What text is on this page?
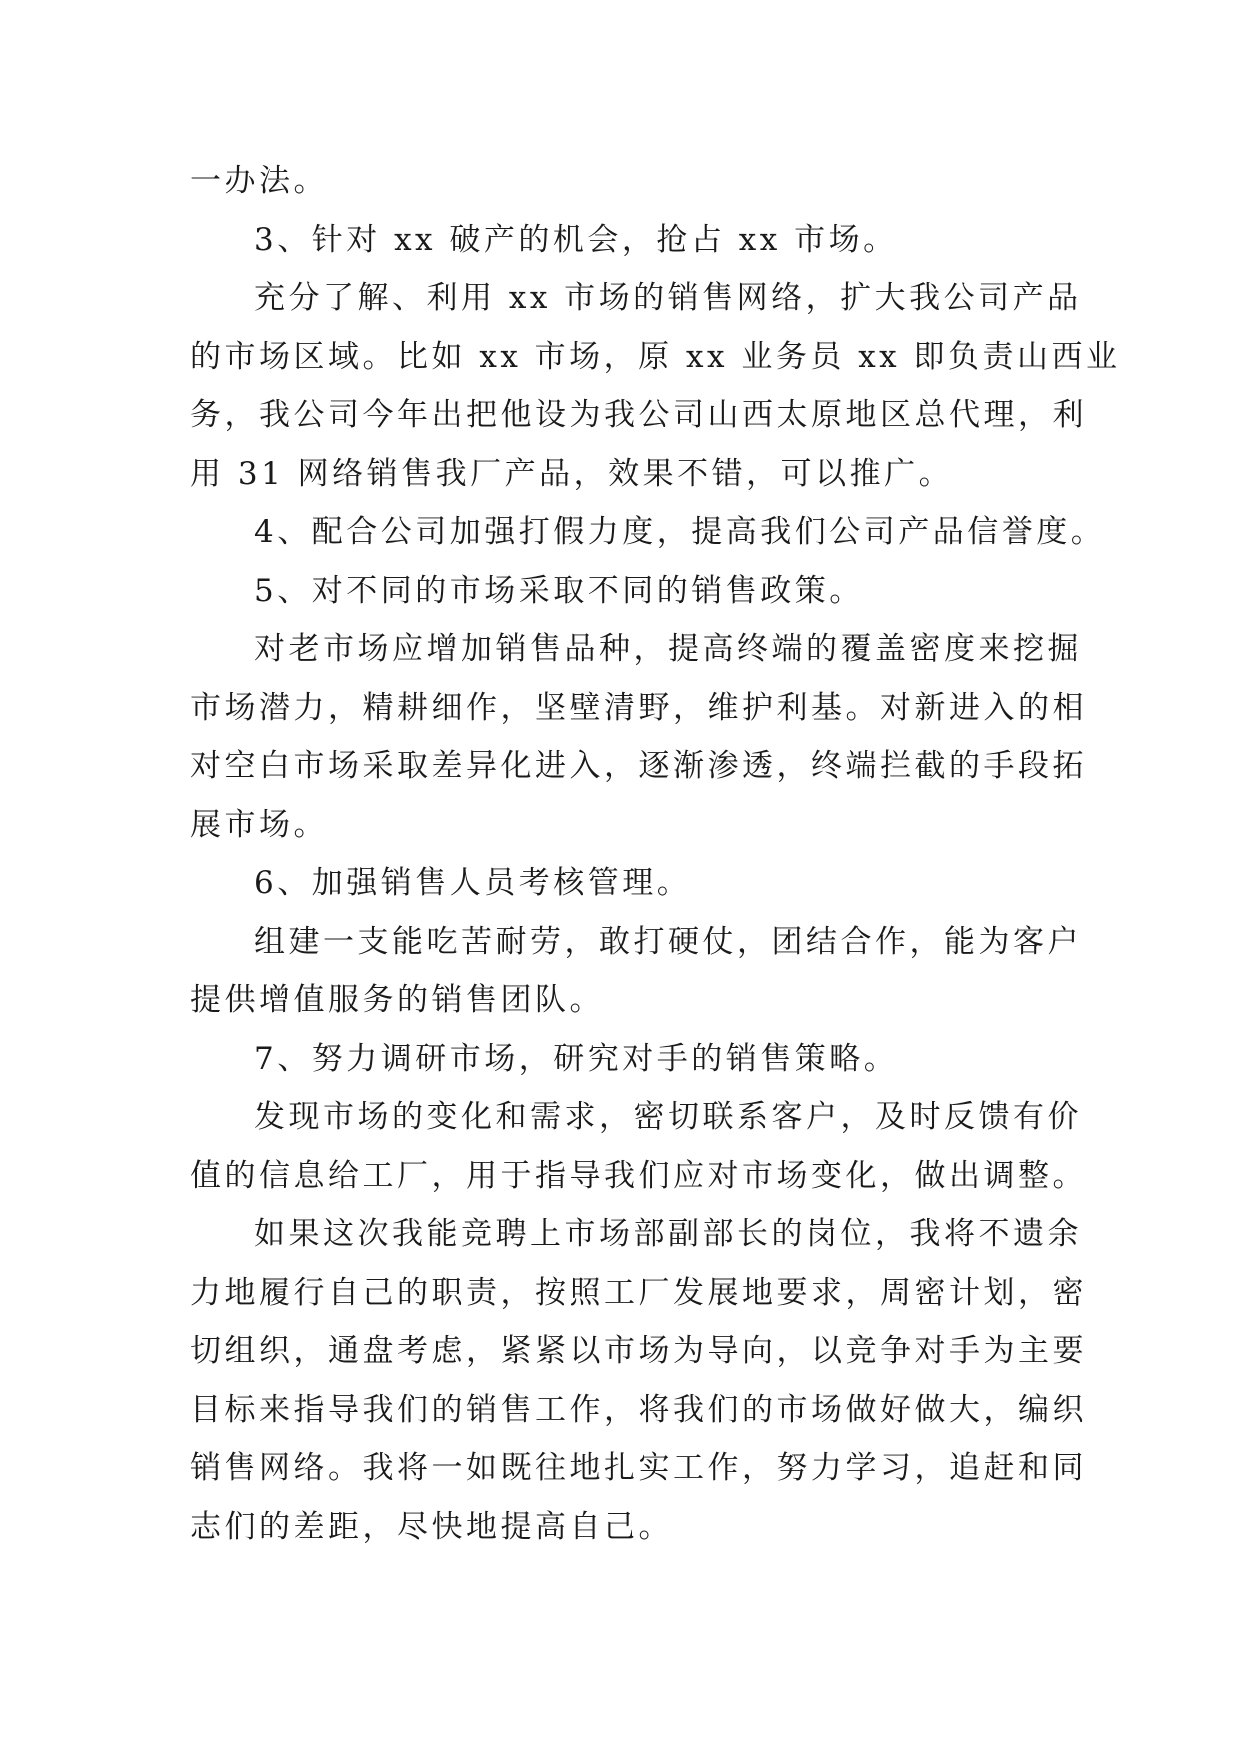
一办法。

3、针对 xx 破产的机会，抢占 xx 市场。

充分了解、利用 xx 市场的销售网络，扩大我公司产品
的市场区域。比如 xx 市场，原 xx 业务员 xx 即负责山西业
务，我公司今年出把他设为我公司山西太原地区总代理，利
用 31 网络销售我厂产品，效果不错，可以推广。

4、配合公司加强打假力度，提高我们公司产品信誉度。

5、对不同的市场采取不同的销售政策。

对老市场应增加销售品种，提高终端的覆盖密度来挖掘
市场潜力，精耕细作，坚壁清野，维护利基。对新进入的相
对空白市场采取差异化进入，逐渐渗透，终端拦截的手段拓
展市场。

6、加强销售人员考核管理。

组建一支能吃苦耐劳，敢打硬仗，团结合作，能为客户
提供增值服务的销售团队。

7、努力调研市场，研究对手的销售策略。

发现市场的变化和需求，密切联系客户，及时反馈有价
值的信息给工厂，用于指导我们应对市场变化，做出调整。

如果这次我能竞聘上市场部副部长的岗位，我将不遗余
力地履行自己的职责，按照工厂发展地要求，周密计划，密
切组织，通盘考虑，紧紧以市场为导向，以竞争对手为主要
目标来指导我们的销售工作，将我们的市场做好做大，编织
销售网络。我将一如既往地扎实工作，努力学习，追赶和同
志们的差距，尽快地提高自己。
